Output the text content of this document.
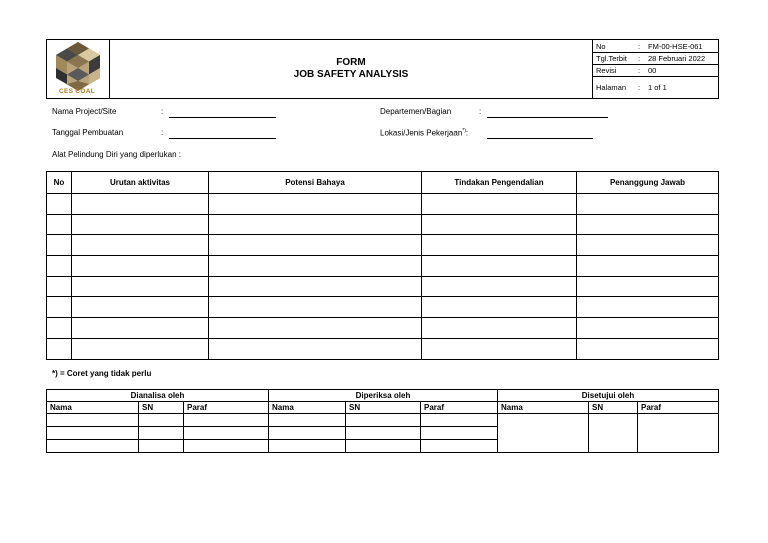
CES COAL

FORM
JOB SAFETY ANALYSIS

No	:	FM-00-HSE-061
Tgl.Terbit	:	28 Februari 2022
Revisi	:	00
Halaman	:	1 of 1
Nama Project/Site	:	Departemen/Bagian	:
Tanggal Pembuatan	:	Lokasi/Jenis Pekerjaan*):
Alat Pelindung Diri yang diperlukan :
No	Urutan aktivitas	Potensi Bahaya	Tindakan Pengendalian	Penanggung Jawab

*) = Coret yang tidak perlu
Dianalisa oleh			Diperiksa oleh			Disetujui oleh		
Nama	SN	Paraf	Nama	SN	Paraf	Nama	SN	Paraf
